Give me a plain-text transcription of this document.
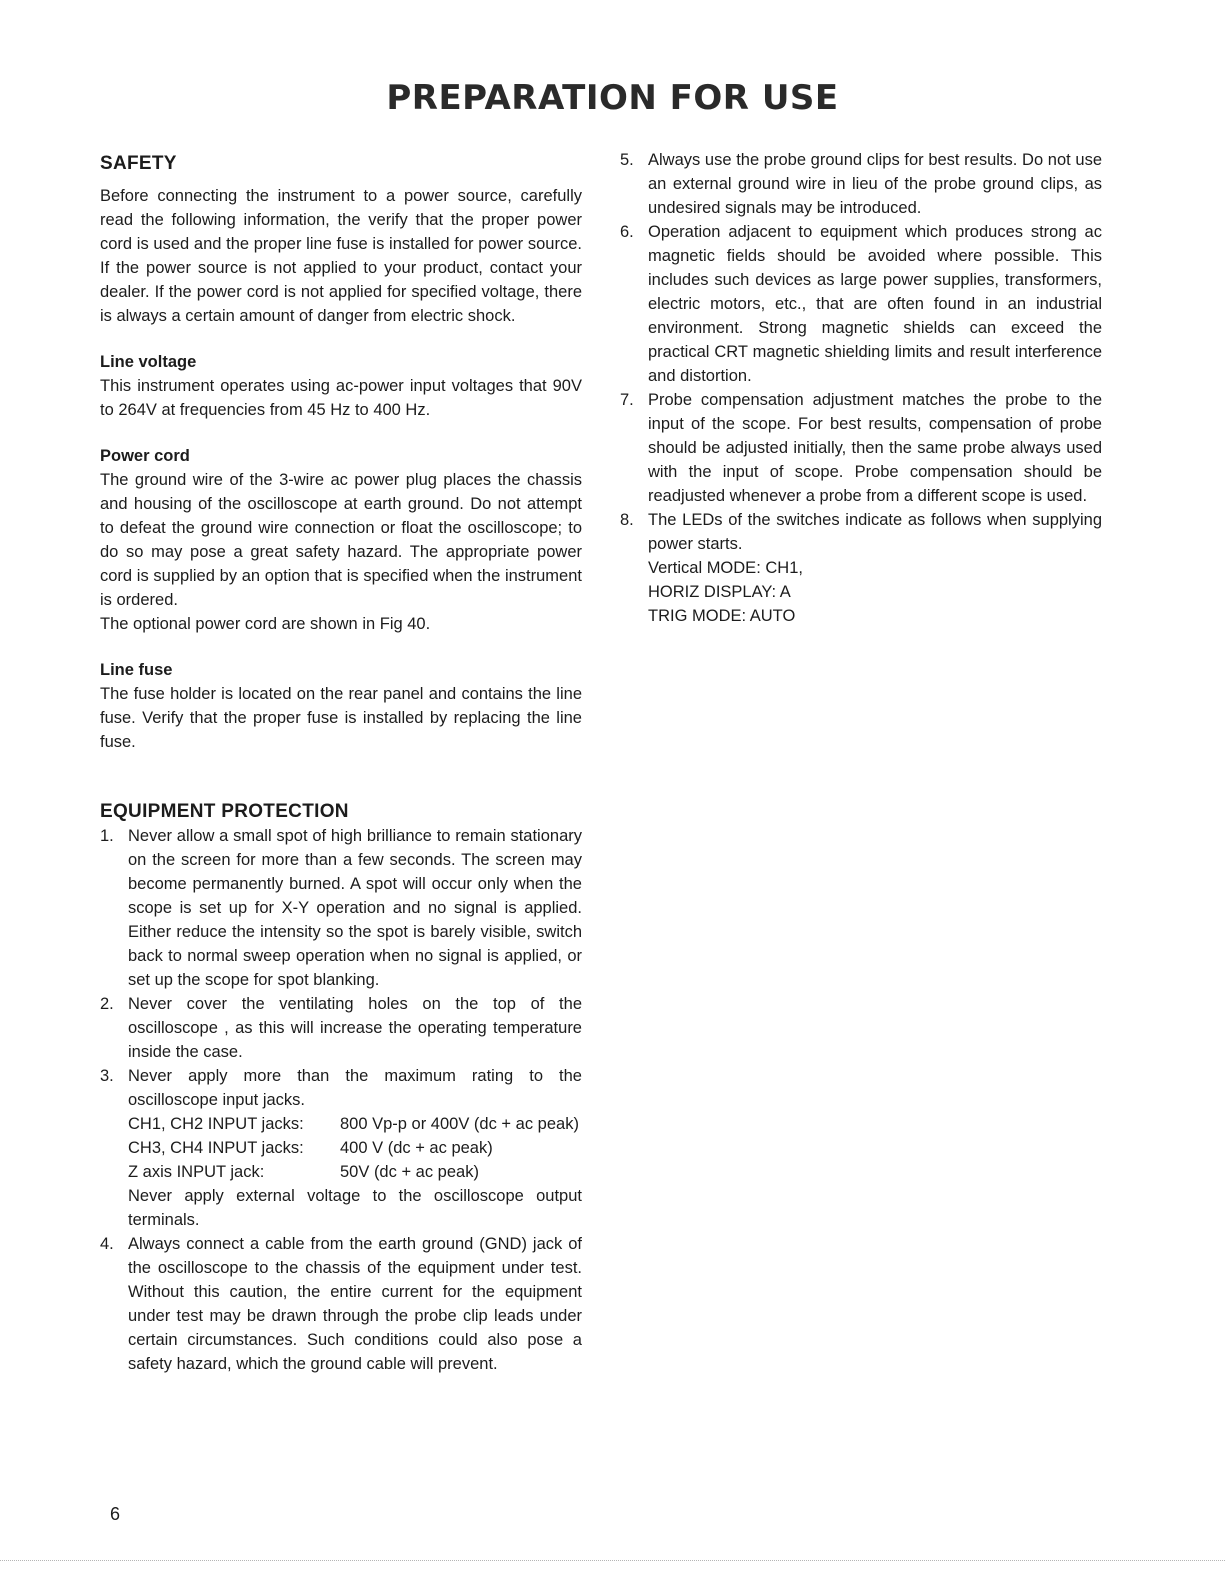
PREPARATION FOR USE
SAFETY

Before connecting the instrument to a power source, carefully read the following information, the verify that the proper power cord is used and the proper line fuse is installed for power source. If the power source is not applied to your product, contact your dealer. If the power cord is not applied for specified voltage, there is always a certain amount of danger from electric shock.

Line voltage

This instrument operates using ac-power input voltages that 90V to 264V at frequencies from 45 Hz to 400 Hz.

Power cord

The ground wire of the 3-wire ac power plug places the chassis and housing of the oscilloscope at earth ground. Do not attempt to defeat the ground wire connection or float the oscilloscope; to do so may pose a great safety hazard. The appropriate power cord is supplied by an option that is specified when the instrument is ordered.

The optional power cord are shown in Fig 40.

Line fuse

The fuse holder is located on the rear panel and contains the line fuse. Verify that the proper fuse is installed by replacing the line fuse.

EQUIPMENT PROTECTION
1. Never allow a small spot of high brilliance to remain stationary on the screen for more than a few seconds. The screen may become permanently burned. A spot will occur only when the scope is set up for X-Y operation and no signal is applied. Either reduce the intensity so the spot is barely visible, switch back to normal sweep operation when no signal is applied, or set up the scope for spot blanking.
2. Never cover the ventilating holes on the top of the oscilloscope , as this will increase the operating temperature inside the case.
3. Never apply more than the maximum rating to the oscilloscope input jacks.
CH1, CH2 INPUT jacks:	800 Vp-p or 400V (dc + ac peak)
CH3, CH4 INPUT jacks:	400 V (dc + ac peak)
Z axis INPUT jack:	50V (dc + ac peak)
Never apply external voltage to the oscilloscope output terminals.
4. Always connect a cable from the earth ground (GND) jack of the oscilloscope to the chassis of the equipment under test. Without this caution, the entire current for the equipment under test may be drawn through the probe clip leads under certain circumstances. Such conditions could also pose a safety hazard, which the ground cable will prevent.
5. Always use the probe ground clips for best results. Do not use an external ground wire in lieu of the probe ground clips, as undesired signals may be introduced.
6. Operation adjacent to equipment which produces strong ac magnetic fields should be avoided where possible. This includes such devices as large power supplies, transformers, electric motors, etc., that are often found in an industrial environment. Strong magnetic shields can exceed the practical CRT magnetic shielding limits and result interference and distortion.
7. Probe compensation adjustment matches the probe to the input of the scope. For best results, compensation of probe should be adjusted initially, then the same probe always used with the input of scope. Probe compensation should be readjusted whenever a probe from a different scope is used.
8. The LEDs of the switches indicate as follows when supplying power starts.
Vertical MODE: CH1,
HORIZ DISPLAY: A
TRIG MODE: AUTO
6
